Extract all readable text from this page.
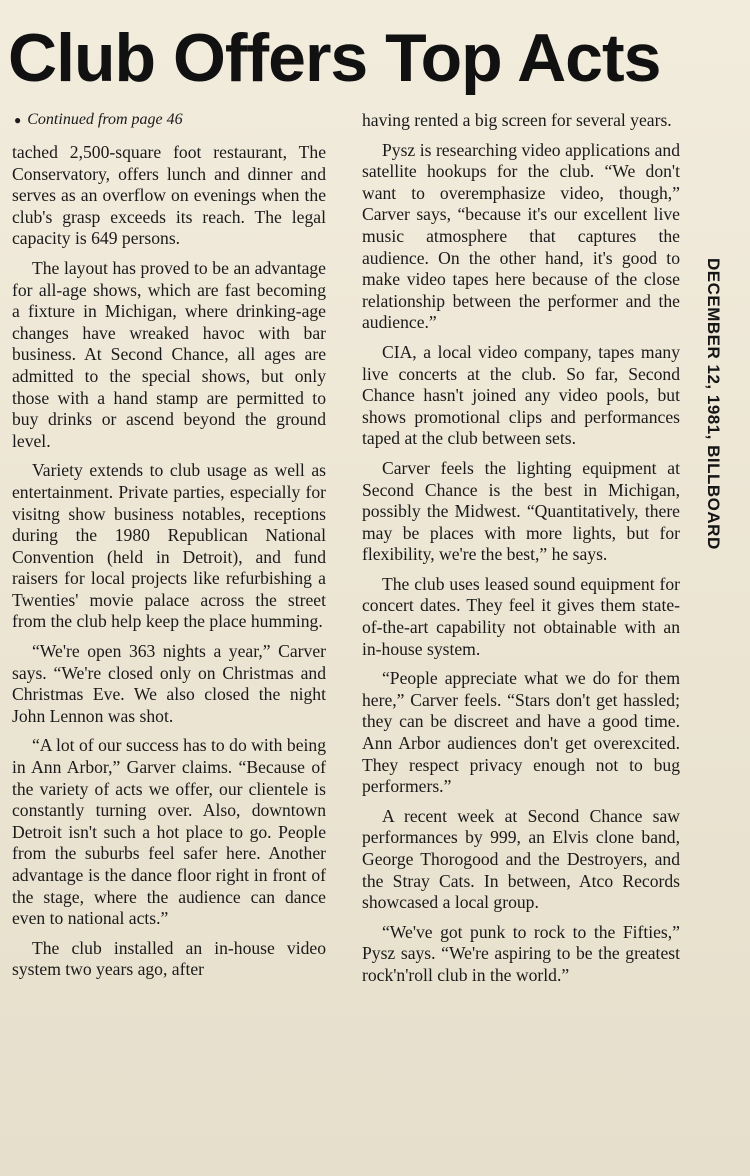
Club Offers Top Acts
● Continued from page 46

tached 2,500-square foot restaurant, The Conservatory, offers lunch and dinner and serves as an overflow on evenings when the club's grasp exceeds its reach. The legal capacity is 649 persons.

The layout has proved to be an advantage for all-age shows, which are fast becoming a fixture in Michigan, where drinking-age changes have wreaked havoc with bar business. At Second Chance, all ages are admitted to the special shows, but only those with a hand stamp are permitted to buy drinks or ascend beyond the ground level.

Variety extends to club usage as well as entertainment. Private parties, especially for visitng show business notables, receptions during the 1980 Republican National Convention (held in Detroit), and fund raisers for local projects like refurbishing a Twenties' movie palace across the street from the club help keep the place humming.

“We're open 363 nights a year,” Carver says. “We're closed only on Christmas and Christmas Eve. We also closed the night John Lennon was shot.

“A lot of our success has to do with being in Ann Arbor,” Garver claims. “Because of the variety of acts we offer, our clientele is constantly turning over. Also, downtown Detroit isn't such a hot place to go. People from the suburbs feel safer here. Another advantage is the dance floor right in front of the stage, where the audience can dance even to national acts.”

The club installed an in-house video system two years ago, after

having rented a big screen for several years.

Pysz is researching video applications and satellite hookups for the club. “We don't want to overemphasize video, though,” Carver says, “because it's our excellent live music atmosphere that captures the audience. On the other hand, it's good to make video tapes here because of the close relationship between the performer and the audience.”

CIA, a local video company, tapes many live concerts at the club. So far, Second Chance hasn't joined any video pools, but shows promotional clips and performances taped at the club between sets.

Carver feels the lighting equipment at Second Chance is the best in Michigan, possibly the Midwest. “Quantitatively, there may be places with more lights, but for flexibility, we're the best,” he says.

The club uses leased sound equipment for concert dates. They feel it gives them state-of-the-art capability not obtainable with an in-house system.

“People appreciate what we do for them here,” Carver feels. “Stars don't get hassled; they can be discreet and have a good time. Ann Arbor audiences don't get overexcited. They respect privacy enough not to bug performers.”

A recent week at Second Chance saw performances by 999, an Elvis clone band, George Thorogood and the Destroyers, and the Stray Cats. In between, Atco Records showcased a local group.

“We've got punk to rock to the Fifties,” Pysz says. “We're aspiring to be the greatest rock'n'roll club in the world.”

DECEMBER 12, 1981, BILLBOARD
